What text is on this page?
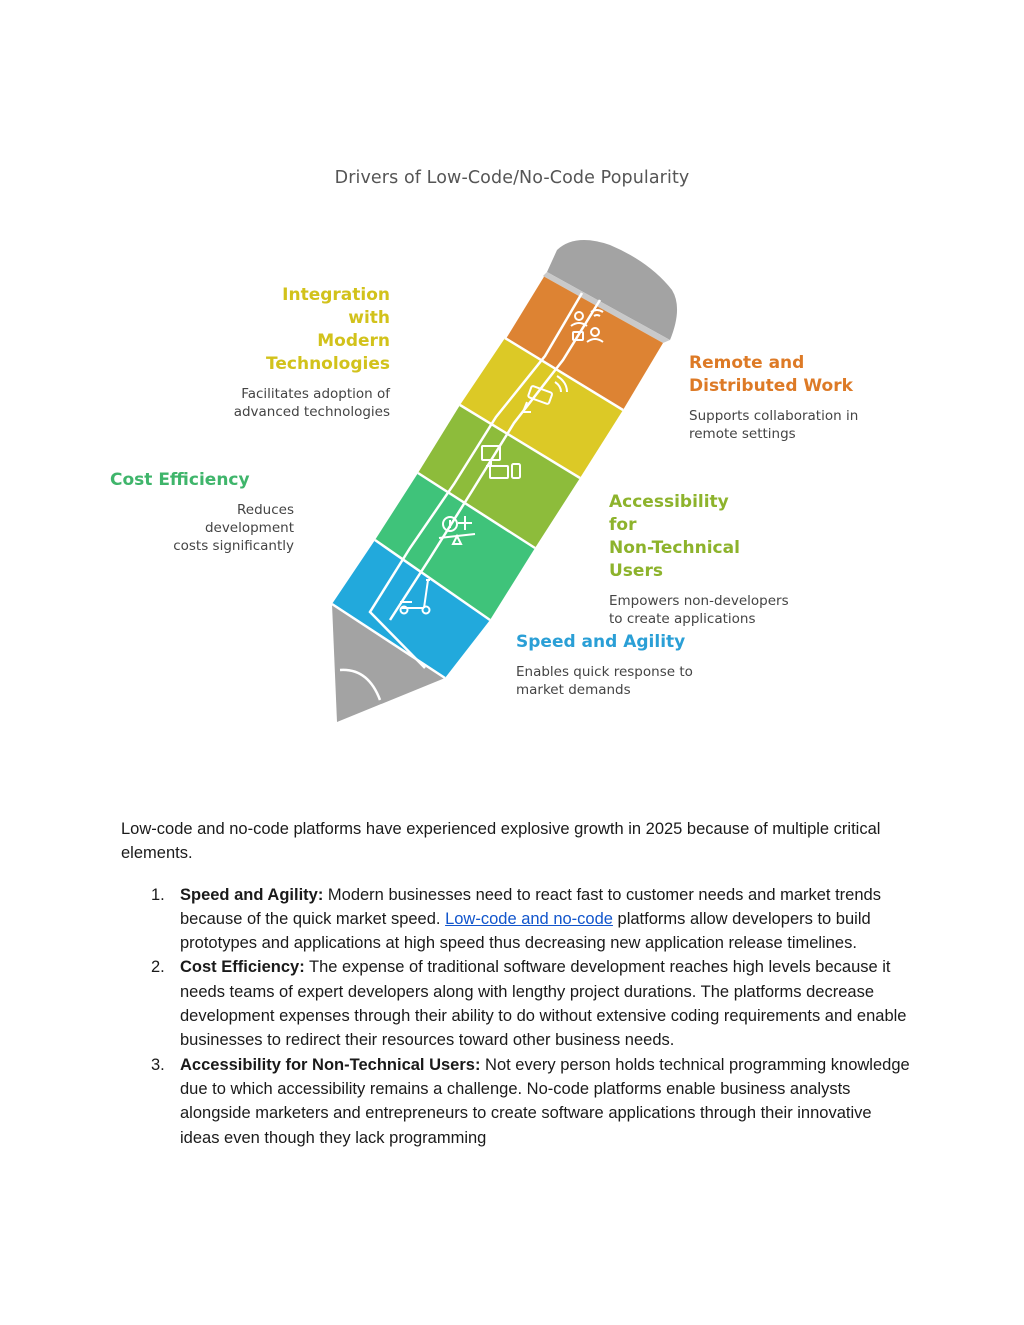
Drivers of Low-Code/No-Code Popularity
Integration with
Modern
Technologies
Facilitates adoption of
advanced technologies
Remote and
Distributed Work
Supports collaboration in
remote settings
Cost Efficiency
Reduces development
costs significantly
Accessibility for
Non-Technical
Users
Empowers non-developers
to create applications
Speed and Agility
Enables quick response to
market demands

Low-code and no-code platforms have experienced explosive growth in 2025 because of multiple critical elements.

1. Speed and Agility: Modern businesses need to react fast to customer needs and market trends because of the quick market speed. Low-code and no-code platforms allow developers to build prototypes and applications at high speed thus decreasing new application release timelines.
2. Cost Efficiency: The expense of traditional software development reaches high levels because it needs teams of expert developers along with lengthy project durations. The platforms decrease development expenses through their ability to do without extensive coding requirements and enable businesses to redirect their resources toward other business needs.
3. Accessibility for Non-Technical Users: Not every person holds technical programming knowledge due to which accessibility remains a challenge. No-code platforms enable business analysts alongside marketers and entrepreneurs to create software applications through their innovative ideas even though they lack programming
